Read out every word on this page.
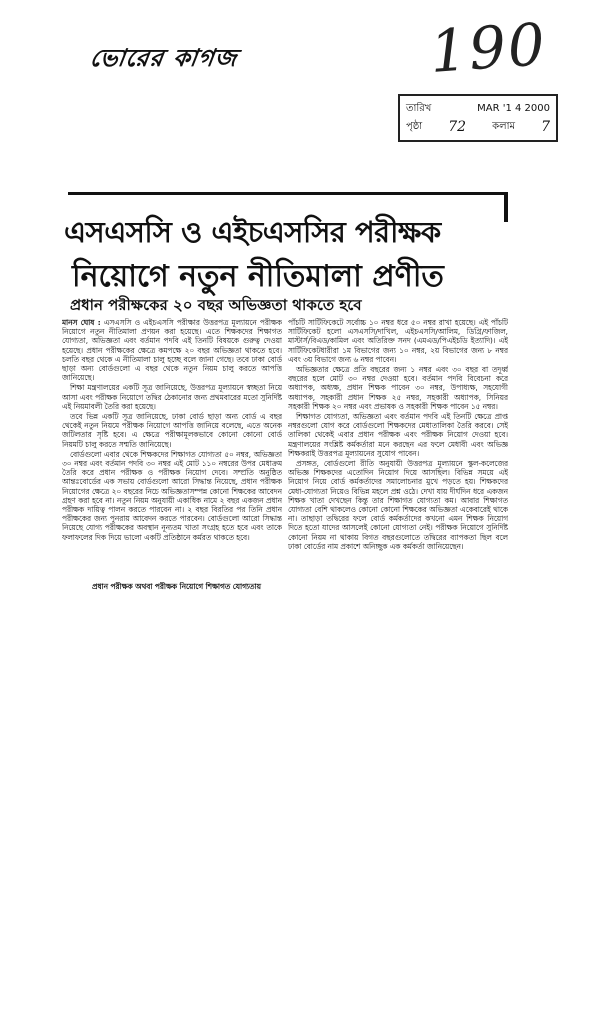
ভোরের কাগজ	190
তারিখ	MAR '1 4 2000
পৃষ্ঠা 72	কলাম 7
এসএসসি ও এইচএসসির পরীক্ষক
নিয়োগে নতুন নীতিমালা প্রণীত
প্রধান পরীক্ষকের ২০ বছর অভিজ্ঞতা থাকতে হবে

মানস ঘোষ : এসএসসি ও এইচএসসি পরীক্ষার উত্তরপত্র মূল্যায়নে পরীক্ষক নিয়োগে নতুন নীতিমালা প্রণয়ন করা হয়েছে। এতে শিক্ষকদের শিক্ষাগত যোগ্যতা, অভিজ্ঞতা এবং বর্তমান পদবি এই তিনটি বিষয়কে গুরুত্ব দেওয়া হয়েছে। প্রধান পরীক্ষকের ক্ষেত্রে কমপক্ষে ২০ বছর অভিজ্ঞতা থাকতে হবে। চলতি বছর থেকে এ নীতিমালা চালু হচ্ছে বলে জানা গেছে। তবে ঢাকা বোর্ড ছাড়া অন্য বোর্ডগুলো এ বছর থেকে নতুন নিয়ম চালু করতে আপত্তি জানিয়েছে।

শিক্ষা মন্ত্রণালয়ের একটি সূত্র জানিয়েছে, উত্তরপত্র মূল্যায়নে স্বচ্ছতা নিয়ে আসা এবং পরীক্ষক নিয়োগে তদ্বির ঠেকানোর জন্য প্রথমবারের মতো সুনির্দিষ্ট এই নিয়মাবলী তৈরি করা হয়েছে।

তবে ভিন্ন একটি সূত্র জানিয়েছে, ঢাকা বোর্ড ছাড়া অন্য বোর্ড এ বছর থেকেই নতুন নিয়মে পরীক্ষক নিয়োগে আপত্তি জানিয়ে বলেছে, এতে অনেক জটিলতার সৃষ্টি হবে। এ ক্ষেত্রে পরীক্ষামূলকভাবে কোনো কোনো বোর্ড নিয়মটি চালু করতে সম্মতি জানিয়েছে।

বোর্ডগুলো এবার থেকে শিক্ষকদের শিক্ষাগত যোগ্যতা ৫০ নম্বর, অভিজ্ঞতা ৩০ নম্বর এবং বর্তমান পদবি ৩০ নম্বর এই মোট ১১০ নম্বরের উপর মেধাক্রম তৈরি করে প্রধান পরীক্ষক ও পরীক্ষক নিয়োগ দেবে। সম্প্রতি অনুষ্ঠিত আন্তঃবোর্ডের এক সভায় বোর্ডগুলো আরো সিদ্ধান্ত নিয়েছে, প্রধান পরীক্ষক নিয়োগের ক্ষেত্রে ২০ বছরের নিচে অভিজ্ঞতাসম্পন্ন কোনো শিক্ষকের আবেদন গ্রহণ করা হবে না। নতুন নিয়ম অনুযায়ী একাধিক নামে ২ বছর একজন প্রধান পরীক্ষক দায়িত্ব পালন করতে পারবেন না। ২ বছর বিরতির পর তিনি প্রধান পরীক্ষকের জন্য পুনরায় আবেদন করতে পারবেন। বোর্ডগুলো আরো সিদ্ধান্ত নিয়েছে যোগ্য পরীক্ষকের অবস্থান নূন্যতম খাতা সংগ্রহ হতে হবে এবং তাকে ফলাফলের দিক দিয়ে ভালো একটি প্রতিষ্ঠানে কর্মরত থাকতে হবে।

পাঁচটি সার্টিফিকেটে সর্বোচ্চ ১০ নম্বর ধরে ৫০ নম্বর রাখা হয়েছে। এই পাঁচটি সার্টিফিকেট হলো এসএসসি/দাখিল, এইচএসসি/আলিম, ডিগ্রি/ফাজিল, মাস্টার্স/বিএড/কামিল এবং অতিরিক্ত সনদ (এমএড/পিএইচডি ইত্যাদি)। এই সার্টিফিকেটধারীরা ১ম বিভাগের জন্য ১০ নম্বর, ২য় বিভাগের জন্য ৮ নম্বর এবং ৩য় বিভাগে জন্য ৬ নম্বর পাবেন।

অভিজ্ঞতার ক্ষেত্রে প্রতি বছরের জন্য ১ নম্বর এবং ৩০ বছর বা তদূর্ধ্ব বছরের হলে মোট ৩০ নম্বর দেওয়া হবে। বর্তমান পদবি বিবেচনা করে অধ্যাপক, অধ্যক্ষ, প্রধান শিক্ষক পাবেন ৩০ নম্বর, উপাধ্যক্ষ, সহযোগী অধ্যাপক, সহকারী প্রধান শিক্ষক ২৫ নম্বর, সহকারী অধ্যাপক, সিনিয়র সহকারী শিক্ষক ২০ নম্বর এবং প্রভাষক ও সহকারী শিক্ষক পাবেন ১৫ নম্বর।

শিক্ষাগত যোগ্যতা, অভিজ্ঞতা এবং বর্তমান পদবি এই তিনটি ক্ষেত্রে প্রাপ্ত নম্বরগুলো যোগ করে বোর্ডগুলো শিক্ষকদের মেধাতালিকা তৈরি করবে। সেই তালিকা থেকেই এবার প্রধান পরীক্ষক এবং পরীক্ষক নিয়োগ দেওয়া হবে। মন্ত্রণালয়ের সংশ্লিষ্ট কর্মকর্তারা মনে করছেন এর ফলে মেধাবী এবং অভিজ্ঞ শিক্ষকরাই উত্তরপত্র মূল্যায়নের সুযোগ পাবেন।

প্রসঙ্গত, বোর্ডগুলো রীতি অনুযায়ী উত্তরপত্র মূল্যায়নে স্কুল-কলেজের অভিজ্ঞ শিক্ষকদের এতোদিন নিয়োগ দিয়ে আসছিল। বিভিন্ন সময়ে এই নিয়োগ নিয়ে বোর্ড কর্মকর্তাদের সমালোচনার মুখে পড়তে হয়। শিক্ষকদের মেধা-যোগ্যতা নিয়েও বিভিন্ন মহলে প্রশ্ন ওঠে। দেখা যায় দীর্ঘদিন ধরে একজন শিক্ষক খাতা দেখছেন কিন্তু তার শিক্ষাগত যোগ্যতা কম। আবার শিক্ষাগত যোগ্যতা বেশি থাকলেও কোনো কোনো শিক্ষকের অভিজ্ঞতা একেবারেই থাকে না। তাছাড়া তদ্বিরের ফলে বোর্ড কর্মকর্তাদের কখনো এমন শিক্ষক নিয়োগ দিতে হতো যাদের আসলেই কোনো যোগ্যতা নেই। পরীক্ষক নিয়োগে সুনির্দিষ্ট কোনো নিয়ম না থাকায় বিগত বছরগুলোতে তদ্বিরের ব্যাপকতা ছিল বলে ঢাকা বোর্ডের নাম প্রকাশে অনিচ্ছুক এক কর্মকর্তা জানিয়েছেন।

প্রধান পরীক্ষক অথবা পরীক্ষক নিয়োগে শিক্ষাগত যোগ্যতায়
